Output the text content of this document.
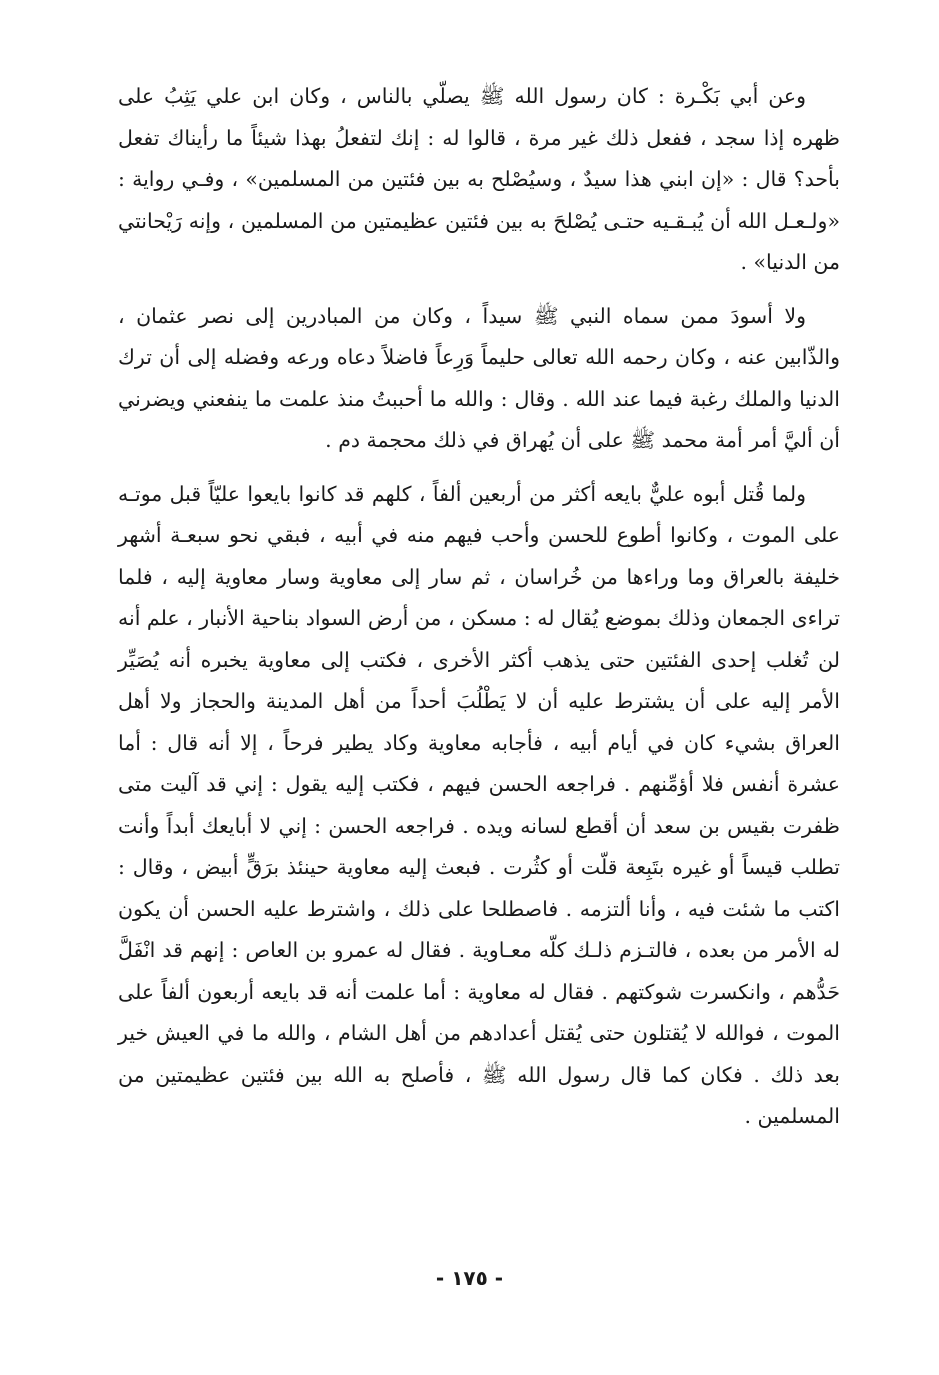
وعن أبي بَكْـرة : كان رسول الله ﷺ يصلّي بالناس ، وكان ابن علي يَثِبُ على ظهره إذا سجد ، ففعل ذلك غير مرة ، قالوا له : إنك لتفعلُ بهذا شيئاً ما رأيناك تفعل بأحد؟ قال : «إن ابني هذا سيدٌ ، وسيُصْلح به بين فئتين من المسلمين» ، وفـي رواية : «ولـعـل الله أن يُبـقـيه حتـى يُصْلحَ به بين فئتين عظيمتين من المسلمين ، وإنه رَيْحانتي من الدنيا» .

ولا أسودَ ممن سماه النبي ﷺ سيداً ، وكان من المبادرين إلى نصر عثمان ، والذّابين عنه ، وكان رحمه الله تعالى حليماً وَرِعاً فاضلاً دعاه ورعه وفضله إلى أن ترك الدنيا والملك رغبة فيما عند الله . وقال : والله ما أحببتُ منذ علمت ما ينفعني ويضرني أن أليَّ أمر أمة محمد ﷺ على أن يُهراق في ذلك محجمة دم .

ولما قُتل أبوه عليٌّ بايعه أكثر من أربعين ألفاً ، كلهم قد كانوا بايعوا عليّاً قبل موتـه على الموت ، وكانوا أطوع للحسن وأحب فيهم منه في أبيه ، فبقي نحو سبعـة أشهر خليفة بالعراق وما وراءها من خُراسان ، ثم سار إلى معاوية وسار معاوية إليه ، فلما تراءى الجمعان وذلك بموضع يُقال له : مسكن ، من أرض السواد بناحية الأنبار ، علم أنه لن تُغلب إحدى الفئتين حتى يذهب أكثر الأخرى ، فكتب إلى معاوية يخبره أنه يُصَيِّر الأمر إليه على أن يشترط عليه أن لا يَطْلُبَ أحداً من أهل المدينة والحجاز ولا أهل العراق بشيء كان في أيام أبيه ، فأجابه معاوية وكاد يطير فرحاً ، إلا أنه قال : أما عشرة أنفس فلا أؤمِّنهم . فراجعه الحسن فيهم ، فكتب إليه يقول : إني قد آليت متى ظفرت بقيس بن سعد أن أقطع لسانه ويده . فراجعه الحسن : إني لا أبايعك أبداً وأنت تطلب قيساً أو غيره بتَبِعة قلّت أو كثُرت . فبعث إليه معاوية حينئذ برَقٍّ أبيض ، وقال : اكتب ما شئت فيه ، وأنا ألتزمه . فاصطلحا على ذلك ، واشترط عليه الحسن أن يكون له الأمر من بعده ، فالتـزم ذلـك كلّه معـاوية . فقال له عمرو بن العاص : إنهم قد انْفَلَّ حَدُّهم ، وانكسرت شوكتهم . فقال له معاوية : أما علمت أنه قد بايعه أربعون ألفاً على الموت ، فوالله لا يُقتلون حتى يُقتل أعدادهم من أهل الشام ، والله ما في العيش خير بعد ذلك . فكان كما قال رسول الله ﷺ ، فأصلح به الله بين فئتين عظيمتين من المسلمين .

- ١٧٥ -
